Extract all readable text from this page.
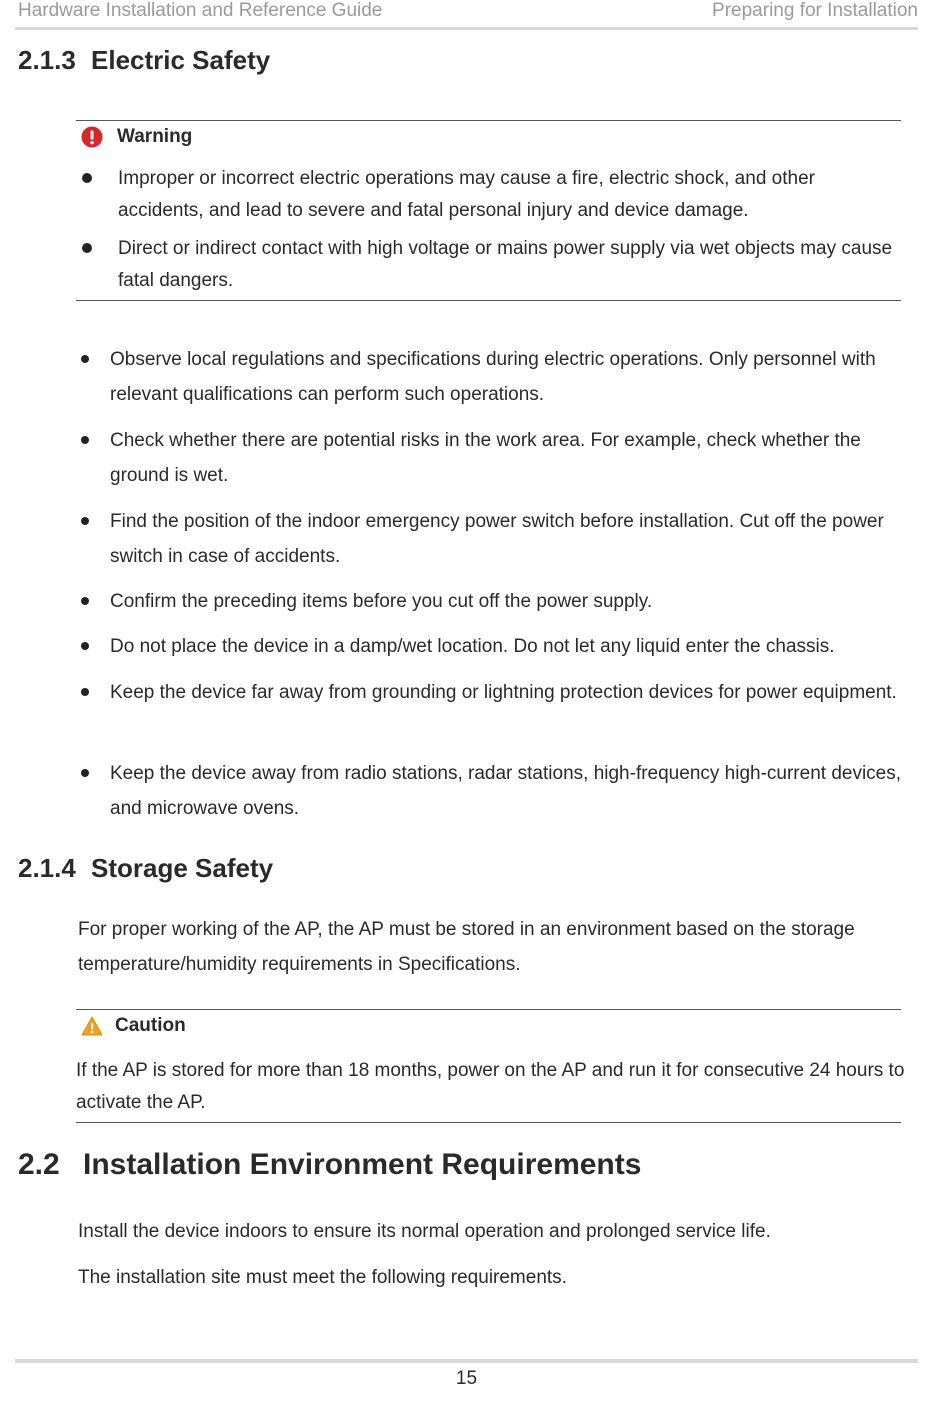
Hardware Installation and Reference Guide	Preparing for Installation
2.1.3 Electric Safety
Warning
Improper or incorrect electric operations may cause a fire, electric shock, and other accidents, and lead to severe and fatal personal injury and device damage.
Direct or indirect contact with high voltage or mains power supply via wet objects may cause fatal dangers.
Observe local regulations and specifications during electric operations. Only personnel with relevant qualifications can perform such operations.
Check whether there are potential risks in the work area. For example, check whether the ground is wet.
Find the position of the indoor emergency power switch before installation. Cut off the power switch in case of accidents.
Confirm the preceding items before you cut off the power supply.
Do not place the device in a damp/wet location. Do not let any liquid enter the chassis.
Keep the device far away from grounding or lightning protection devices for power equipment.
Keep the device away from radio stations, radar stations, high-frequency high-current devices, and microwave ovens.
2.1.4 Storage Safety
For proper working of the AP, the AP must be stored in an environment based on the storage temperature/humidity requirements in Specifications.
Caution
If the AP is stored for more than 18 months, power on the AP and run it for consecutive 24 hours to activate the AP.
2.2 Installation Environment Requirements
Install the device indoors to ensure its normal operation and prolonged service life.
The installation site must meet the following requirements.
15
